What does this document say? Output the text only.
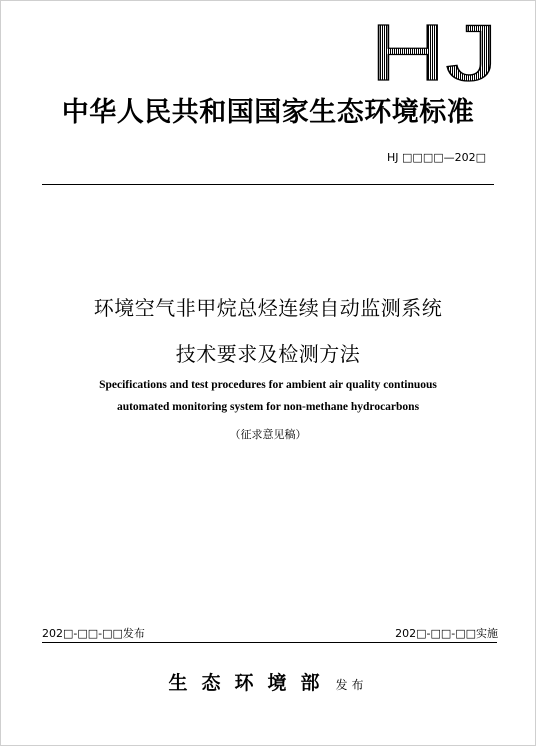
HJ
中华人民共和国国家生态环境标准
HJ □□□□—202□
环境空气非甲烷总烃连续自动监测系统
技术要求及检测方法
Specifications and test procedures for ambient air quality continuous
automated monitoring system for non-methane hydrocarbons
（征求意见稿）
202□-□□-□□发布	202□-□□-□□实施
生态环境部 发布
